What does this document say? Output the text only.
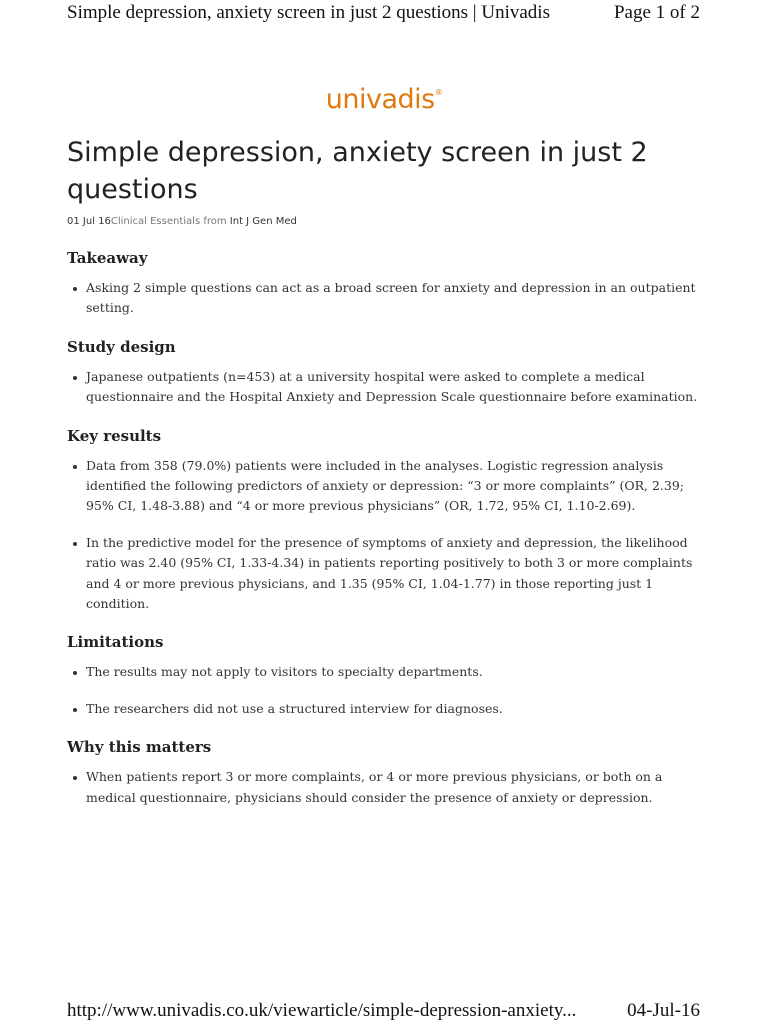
Simple depression, anxiety screen in just 2 questions | Univadis	Page 1 of 2
univadis®
Simple depression, anxiety screen in just 2 questions
01 Jul 16Clinical Essentials from Int J Gen Med
Takeaway
Asking 2 simple questions can act as a broad screen for anxiety and depression in an outpatient setting.
Study design
Japanese outpatients (n=453) at a university hospital were asked to complete a medical questionnaire and the Hospital Anxiety and Depression Scale questionnaire before examination.
Key results
Data from 358 (79.0%) patients were included in the analyses. Logistic regression analysis identified the following predictors of anxiety or depression: “3 or more complaints” (OR, 2.39; 95% CI, 1.48-3.88) and “4 or more previous physicians” (OR, 1.72, 95% CI, 1.10-2.69).
In the predictive model for the presence of symptoms of anxiety and depression, the likelihood ratio was 2.40 (95% CI, 1.33-4.34) in patients reporting positively to both 3 or more complaints and 4 or more previous physicians, and 1.35 (95% CI, 1.04-1.77) in those reporting just 1 condition.
Limitations
The results may not apply to visitors to specialty departments.
The researchers did not use a structured interview for diagnoses.
Why this matters
When patients report 3 or more complaints, or 4 or more previous physicians, or both on a medical questionnaire, physicians should consider the presence of anxiety or depression.
http://www.univadis.co.uk/viewarticle/simple-depression-anxiety...	04-Jul-16
